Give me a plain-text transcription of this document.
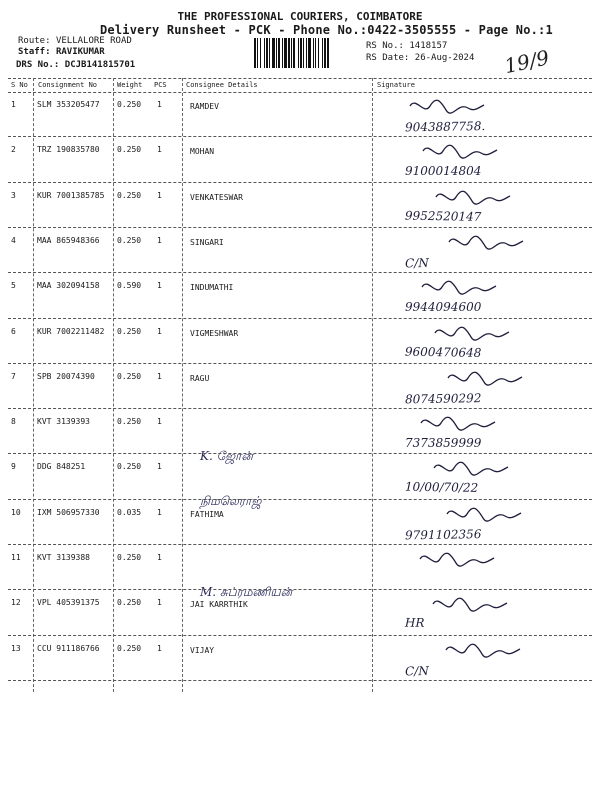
THE PROFESSIONAL COURIERS, COIMBATORE
Delivery Runsheet - PCK - Phone No.:0422-3505555 - Page No.:1
Route: VELLALORE ROAD
Staff: RAVIKUMAR
DRS No.: DCJB141815701
RS No.: 1418157
RS Date: 26-Aug-2024 19/9
S No Consignment No	Weight PCS	Consignee Details	Signature
1	SLM 353205477 0.250 1	RAMDEV
9043887758.
2	TRZ 190835780 0.250 1	MOHAN
9100014804
3	KUR 7001385785 0.250 1	VENKATESWAR
9952520147
4	MAA 865948366 0.250 1	SINGARI
C/N
5	MAA 302094158 0.590 1	INDUMATHI
9944094600
6	KUR 7002211482 0.250 1	VIGMESHWAR
9600470648
7	SPB 20074390	0.250 1	RAGU
8074590292
8	KVT 3139393	0.250 1
K. ஜோன்
7373859999
9	DDG 848251	0.250 1
நிமலெராஜ்
10/00/70/22
10 IXM 506957330 0.035 1	FATHIMA
9791102356
11 KVT 3139388	0.250 1
M. சுப்ரமணியன்
12 VPL 405391375 0.250 1	JAI KARRTHIK
HR
13 CCU 911186766 0.250 1	VIJAY
C/N
